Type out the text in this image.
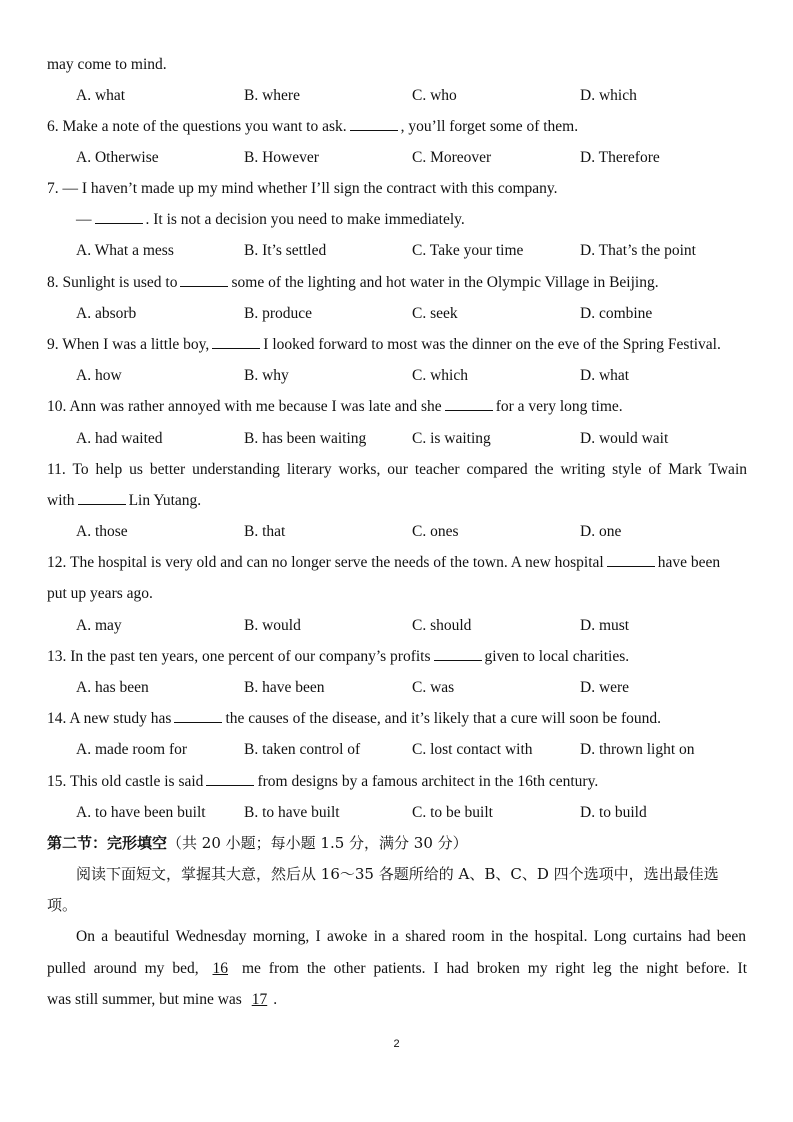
may come to mind.
A. what	B. where	C. who	D. which
6. Make a note of the questions you want to ask.	, you’ll forget some of them.
A. Otherwise	B. However	C. Moreover	D. Therefore
7. — I haven’t made up my mind whether I’ll sign the contract with this company.
—	. It is not a decision you need to make immediately.
A. What a mess	B. It’s settled	C. Take your time	D. That’s the point
8. Sunlight is used to	some of the lighting and hot water in the Olympic Village in Beijing.
A. absorb	B. produce	C. seek	D. combine
9. When I was a little boy,	I looked forward to most was the dinner on the eve of the Spring Festival.
A. how	B. why	C. which	D. what
10. Ann was rather annoyed with me because I was late and she	for a very long time.
A. had waited	B. has been waiting	C. is waiting	D. would wait
11. To help us better understanding literary works, our teacher compared the writing style of Mark Twain
with	Lin Yutang.
A. those	B. that	C. ones	D. one
12. The hospital is very old and can no longer serve the needs of the town. A new hospital	have been
put up years ago.
A. may	B. would	C. should	D. must
13. In the past ten years, one percent of our company’s profits	given to local charities.
A. has been	B. have been	C. was	D. were
14. A new study has	the causes of the disease, and it’s likely that a cure will soon be found.
A. made room for	B. taken control of	C. lost contact with	D. thrown light on
15. This old castle is said	from designs by a famous architect in the 16th century.
A. to have been built	B. to have built	C. to be built	D. to build
第二节：完形填空（共 20 小题；每小题 1.5 分，满分 30 分）
阅读下面短文，掌握其大意，然后从 16～35 各题所给的 A、B、C、D 四个选项中，选出最佳选
项。
On a beautiful Wednesday morning, I awoke in a shared room in the hospital. Long curtains had been
pulled around my bed, 16 me from the other patients. I had broken my right leg the night before. It
was still summer, but mine was 17 .
2
